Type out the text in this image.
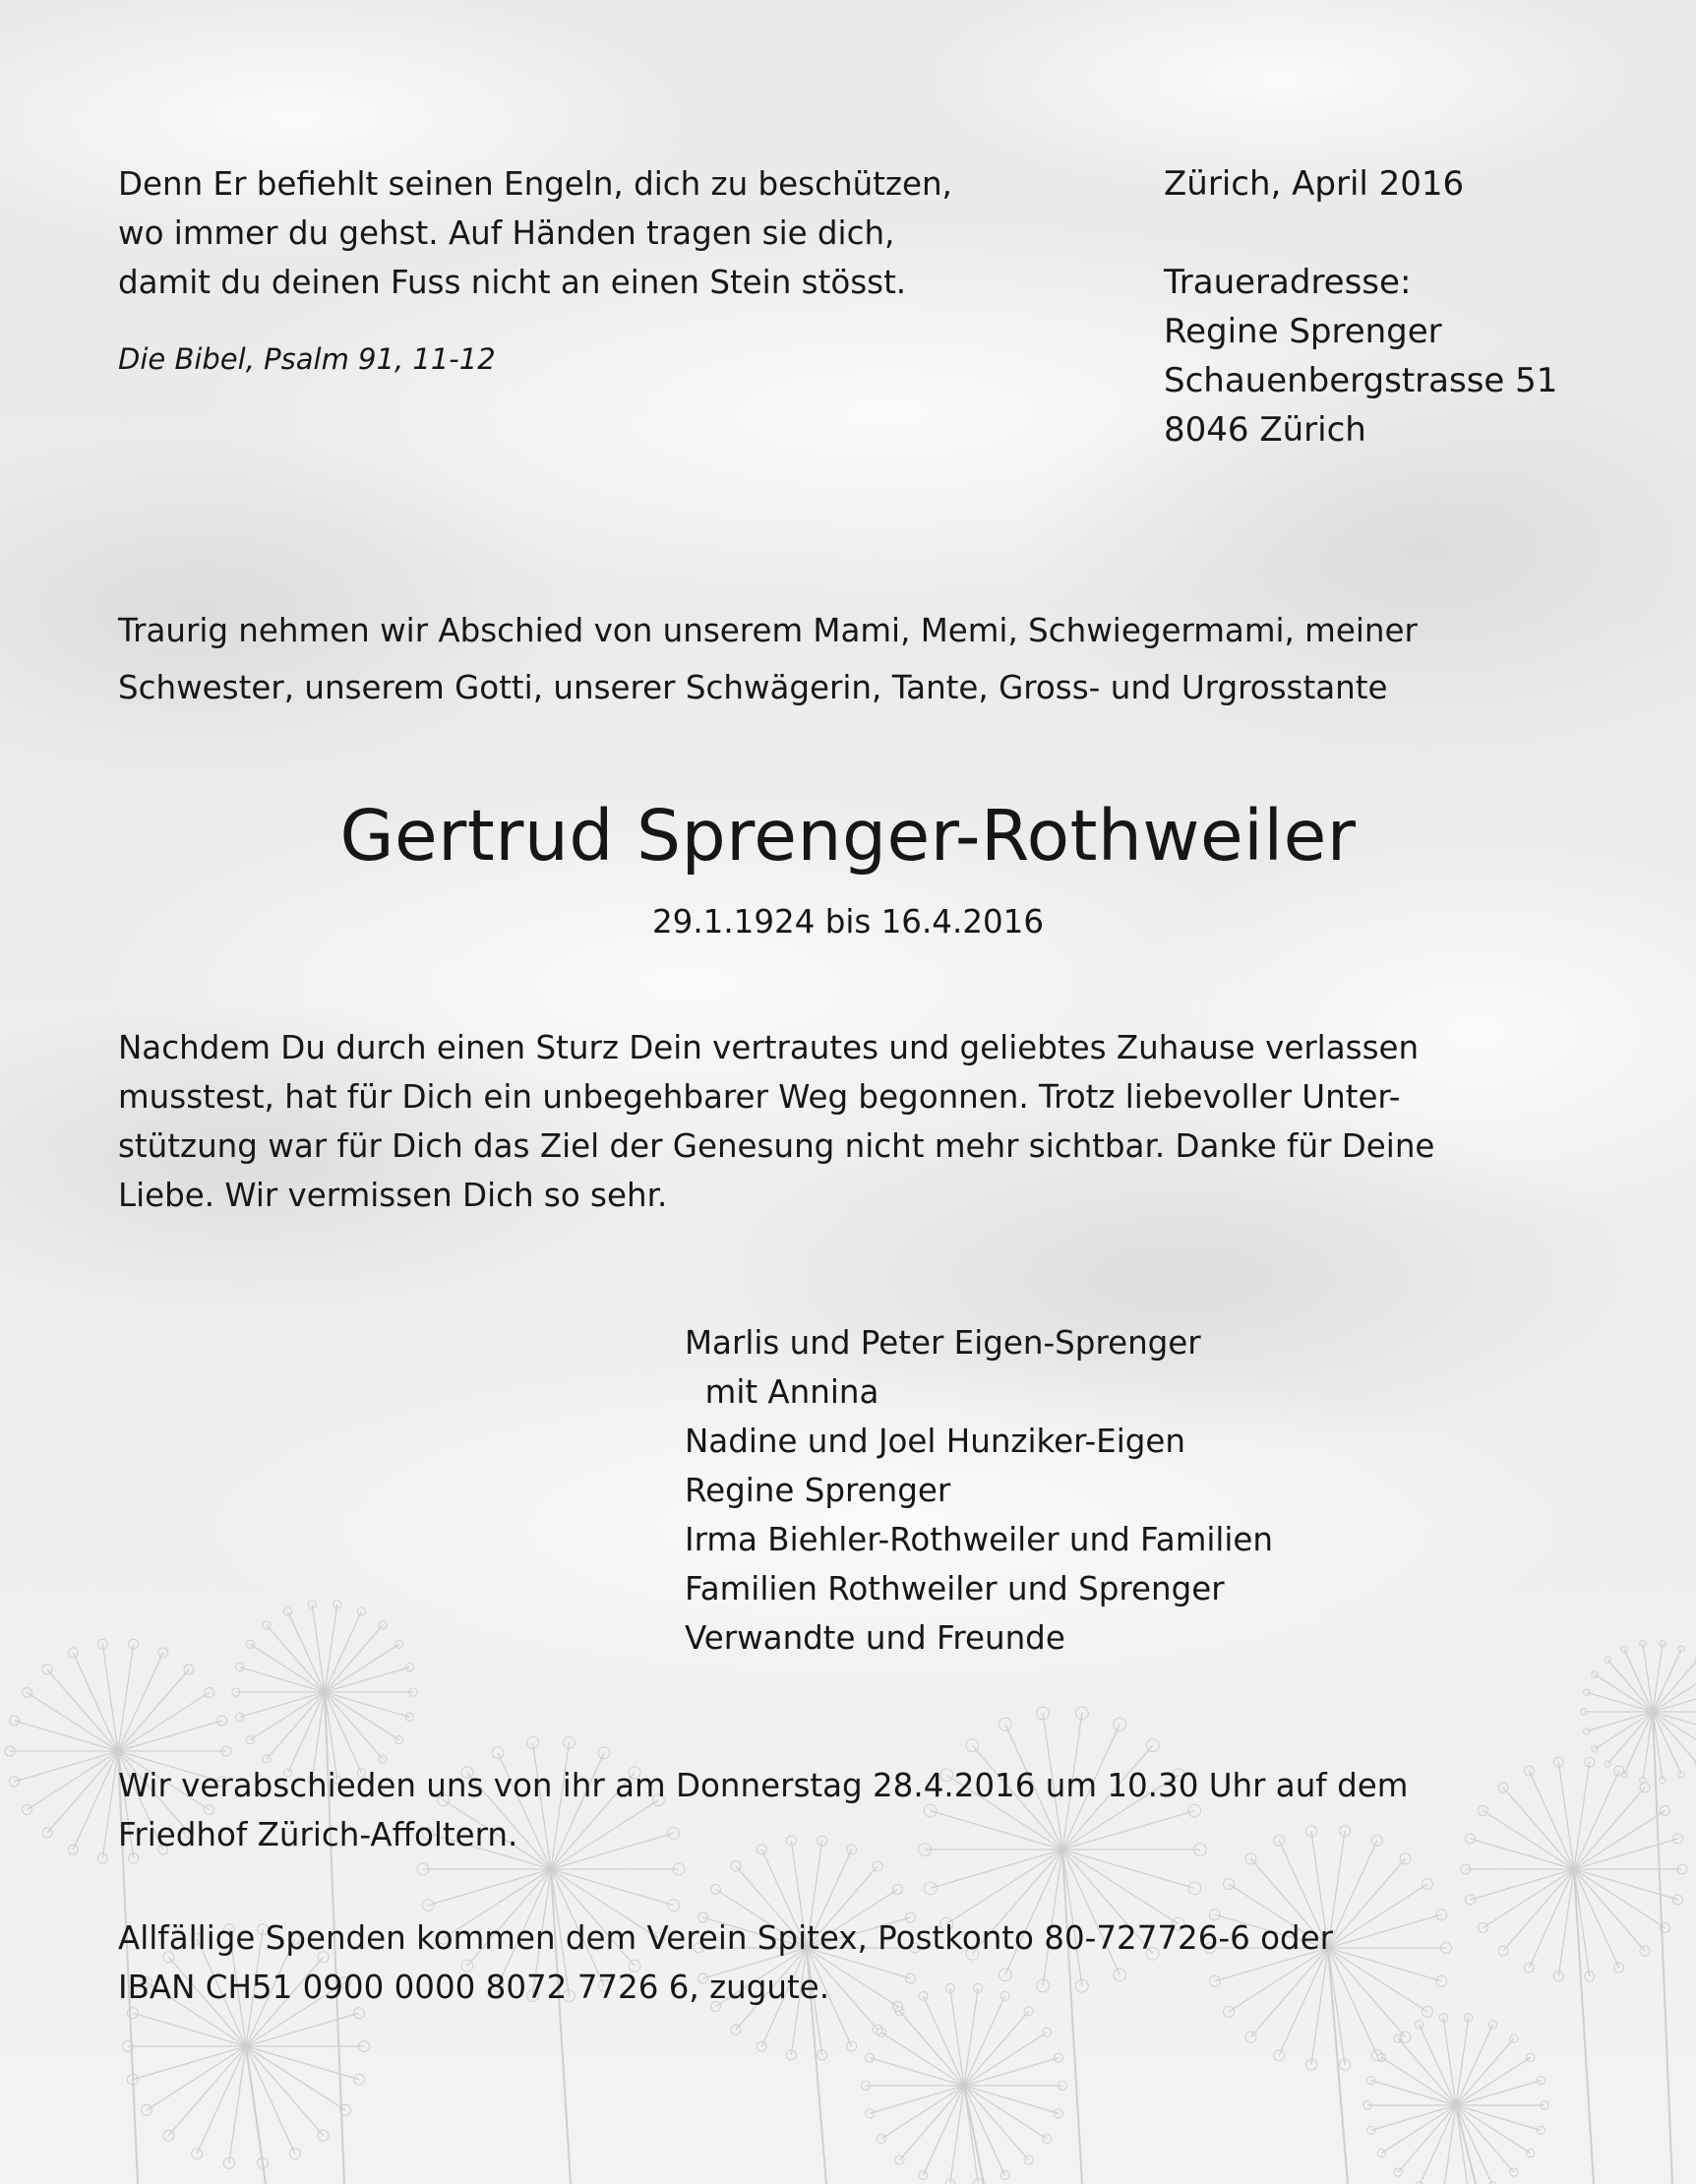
Denn Er befiehlt seinen Engeln, dich zu beschützen,
wo immer du gehst. Auf Händen tragen sie dich,
damit du deinen Fuss nicht an einen Stein stösst.
Die Bibel, Psalm 91, 11-12
Zürich, April 2016
Traueradresse:
Regine Sprenger
Schauenbergstrasse 51
8046 Zürich
Traurig nehmen wir Abschied von unserem Mami, Memi, Schwiegermami, meiner
Schwester, unserem Gotti, unserer Schwägerin, Tante, Gross- und Urgrosstante
Gertrud Sprenger-Rothweiler
29.1.1924 bis 16.4.2016
Nachdem Du durch einen Sturz Dein vertrautes und geliebtes Zuhause verlassen
musstest, hat für Dich ein unbegehbarer Weg begonnen. Trotz liebevoller Unter-
stützung war für Dich das Ziel der Genesung nicht mehr sichtbar. Danke für Deine
Liebe. Wir vermissen Dich so sehr.
Marlis und Peter Eigen-Sprenger
mit Annina
Nadine und Joel Hunziker-Eigen
Regine Sprenger
Irma Biehler-Rothweiler und Familien
Familien Rothweiler und Sprenger
Verwandte und Freunde
Wir verabschieden uns von ihr am Donnerstag 28.4.2016 um 10.30 Uhr auf dem
Friedhof Zürich-Affoltern.
Allfällige Spenden kommen dem Verein Spitex, Postkonto 80-727726-6 oder
IBAN CH51 0900 0000 8072 7726 6, zugute.
